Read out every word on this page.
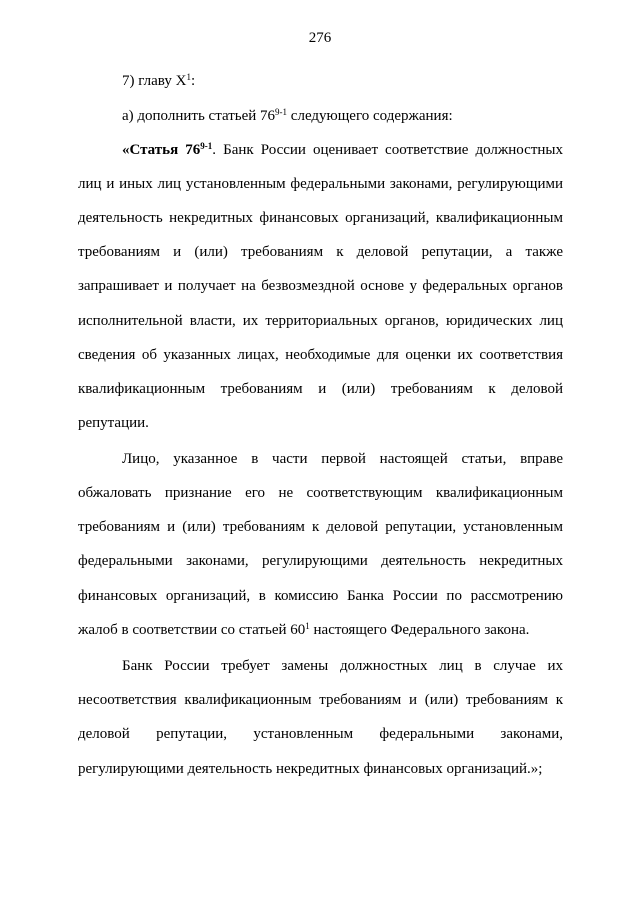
276
7) главу $X^1$:
а) дополнить статьей 76$^{9-1}$ следующего содержания:
«Статья 76$^{9-1}$. Банк России оценивает соответствие должностных
лиц и иных лиц установленным федеральными законами, регулирующими
деятельность некредитных финансовых организаций, квалификационным
требованиям и (или) требованиям к деловой репутации, а также
запрашивает и получает на безвозмездной основе у федеральных органов
исполнительной власти, их территориальных органов, юридических лиц
сведения об указанных лицах, необходимые для оценки их соответствия
квалификационным требованиям и (или) требованиям к деловой
репутации.
Лицо, указанное в части первой настоящей статьи, вправе
обжаловать признание его не соответствующим квалификационным
требованиям и (или) требованиям к деловой репутации, установленным
федеральными законами, регулирующими деятельность некредитных
финансовых организаций, в комиссию Банка России по рассмотрению
жалоб в соответствии со статьей $60^1$ настоящего Федерального закона.
Банк России требует замены должностных лиц в случае их
несоответствия квалификационным требованиям и (или) требованиям к
деловой репутации, установленным федеральными законами,
регулирующими деятельность некредитных финансовых организаций.»;
